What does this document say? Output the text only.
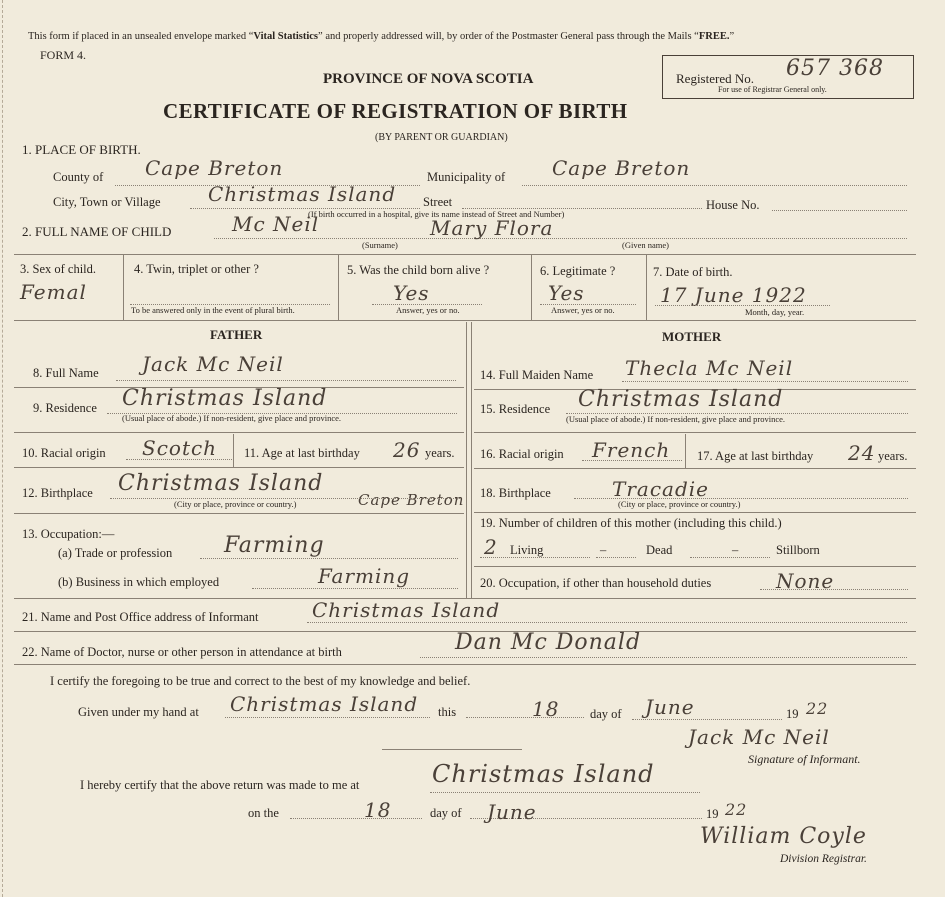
This form if placed in an unsealed envelope marked “Vital Statistics” and properly addressed will, by order of the Postmaster General pass through the Mails “FREE.”
FORM 4.
PROVINCE OF NOVA SCOTIA
CERTIFICATE OF REGISTRATION OF BIRTH
(BY PARENT OR GUARDIAN)
Registered No. 657 368
For use of Registrar General only.
1. PLACE OF BIRTH.
County of Cape Breton	Municipality of Cape Breton
City, Town or Village Christmas Island Street	House No.
(If birth occurred in a hospital, give its name instead of Street and Number)
2. FULL NAME OF CHILD	Mc Neil	Mary Flora
(Surname)	(Given name)
3. Sex of child.
Femal
4. Twin, triplet or other ?
To be answered only in the event of plural birth.
5. Was the child born alive ?
Yes
Answer, yes or no.
6. Legitimate ?
Yes
Answer, yes or no.
7. Date of birth.
17 June 1922
Month, day, year.
FATHER	MOTHER
8. Full Name Jack Mc Neil
9. Residence Christmas Island
(Usual place of abode.) If non-resident, give place and province.
10. Racial origin Scotch 11. Age at last birthday 26 years.
12. Birthplace Christmas Island
Cape Breton
(City or place, province or country.)
13. Occupation:—
(a) Trade or profession Farming
(b) Business in which employed	Farming
14. Full Maiden Name Thecla Mc Neil
15. Residence Christmas Island
(Usual place of abode.) If non-resident, give place and province.
16. Racial origin French 17. Age at last birthday 24 years.
18. Birthplace	Tracadie
(City or place, province or country.)
19. Number of children of this mother (including this child.)
2 Living	–	Dead	–	Stillborn
20. Occupation, if other than household duties	None
21. Name and Post Office address of Informant	Christmas Island
22. Name of Doctor, nurse or other person in attendance at birth	Dan Mc Donald
I certify the foregoing to be true and correct to the best of my knowledge and belief.
Given under my hand at Christmas Island this	18 day of June	19 22
Jack Mc Neil
Signature of Informant.
I hereby certify that the above return was made to me at	Christmas Island
on the	18	day of June	19 22
William Coyle
Division Registrar.
